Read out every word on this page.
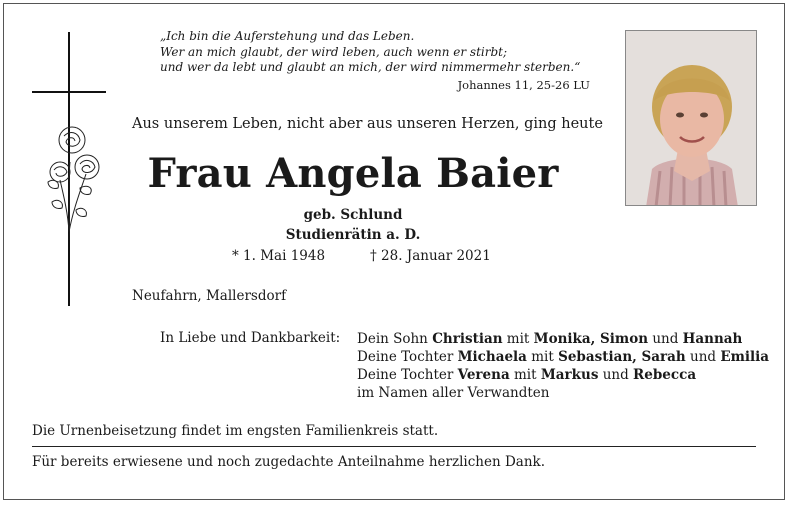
„Ich bin die Auferstehung und das Leben.
Wer an mich glaubt, der wird leben, auch wenn er stirbt;
und wer da lebt und glaubt an mich, der wird nimmermehr sterben.“
Johannes 11, 25-26 LU
Aus unserem Leben, nicht aber aus unseren Herzen, ging heute
Frau Angela Baier
geb. Schlund
Studienrätin a. D.
* 1. Mai 1948	† 28. Januar 2021
Neufahrn, Mallersdorf
In Liebe und Dankbarkeit: Dein Sohn Christian mit Monika, Simon und Hannah
Deine Tochter Michaela mit Sebastian, Sarah und Emilia
Deine Tochter Verena mit Markus und Rebecca
im Namen aller Verwandten
Die Urnenbeisetzung findet im engsten Familienkreis statt.
Für bereits erwiesene und noch zugedachte Anteilnahme herzlichen Dank.
